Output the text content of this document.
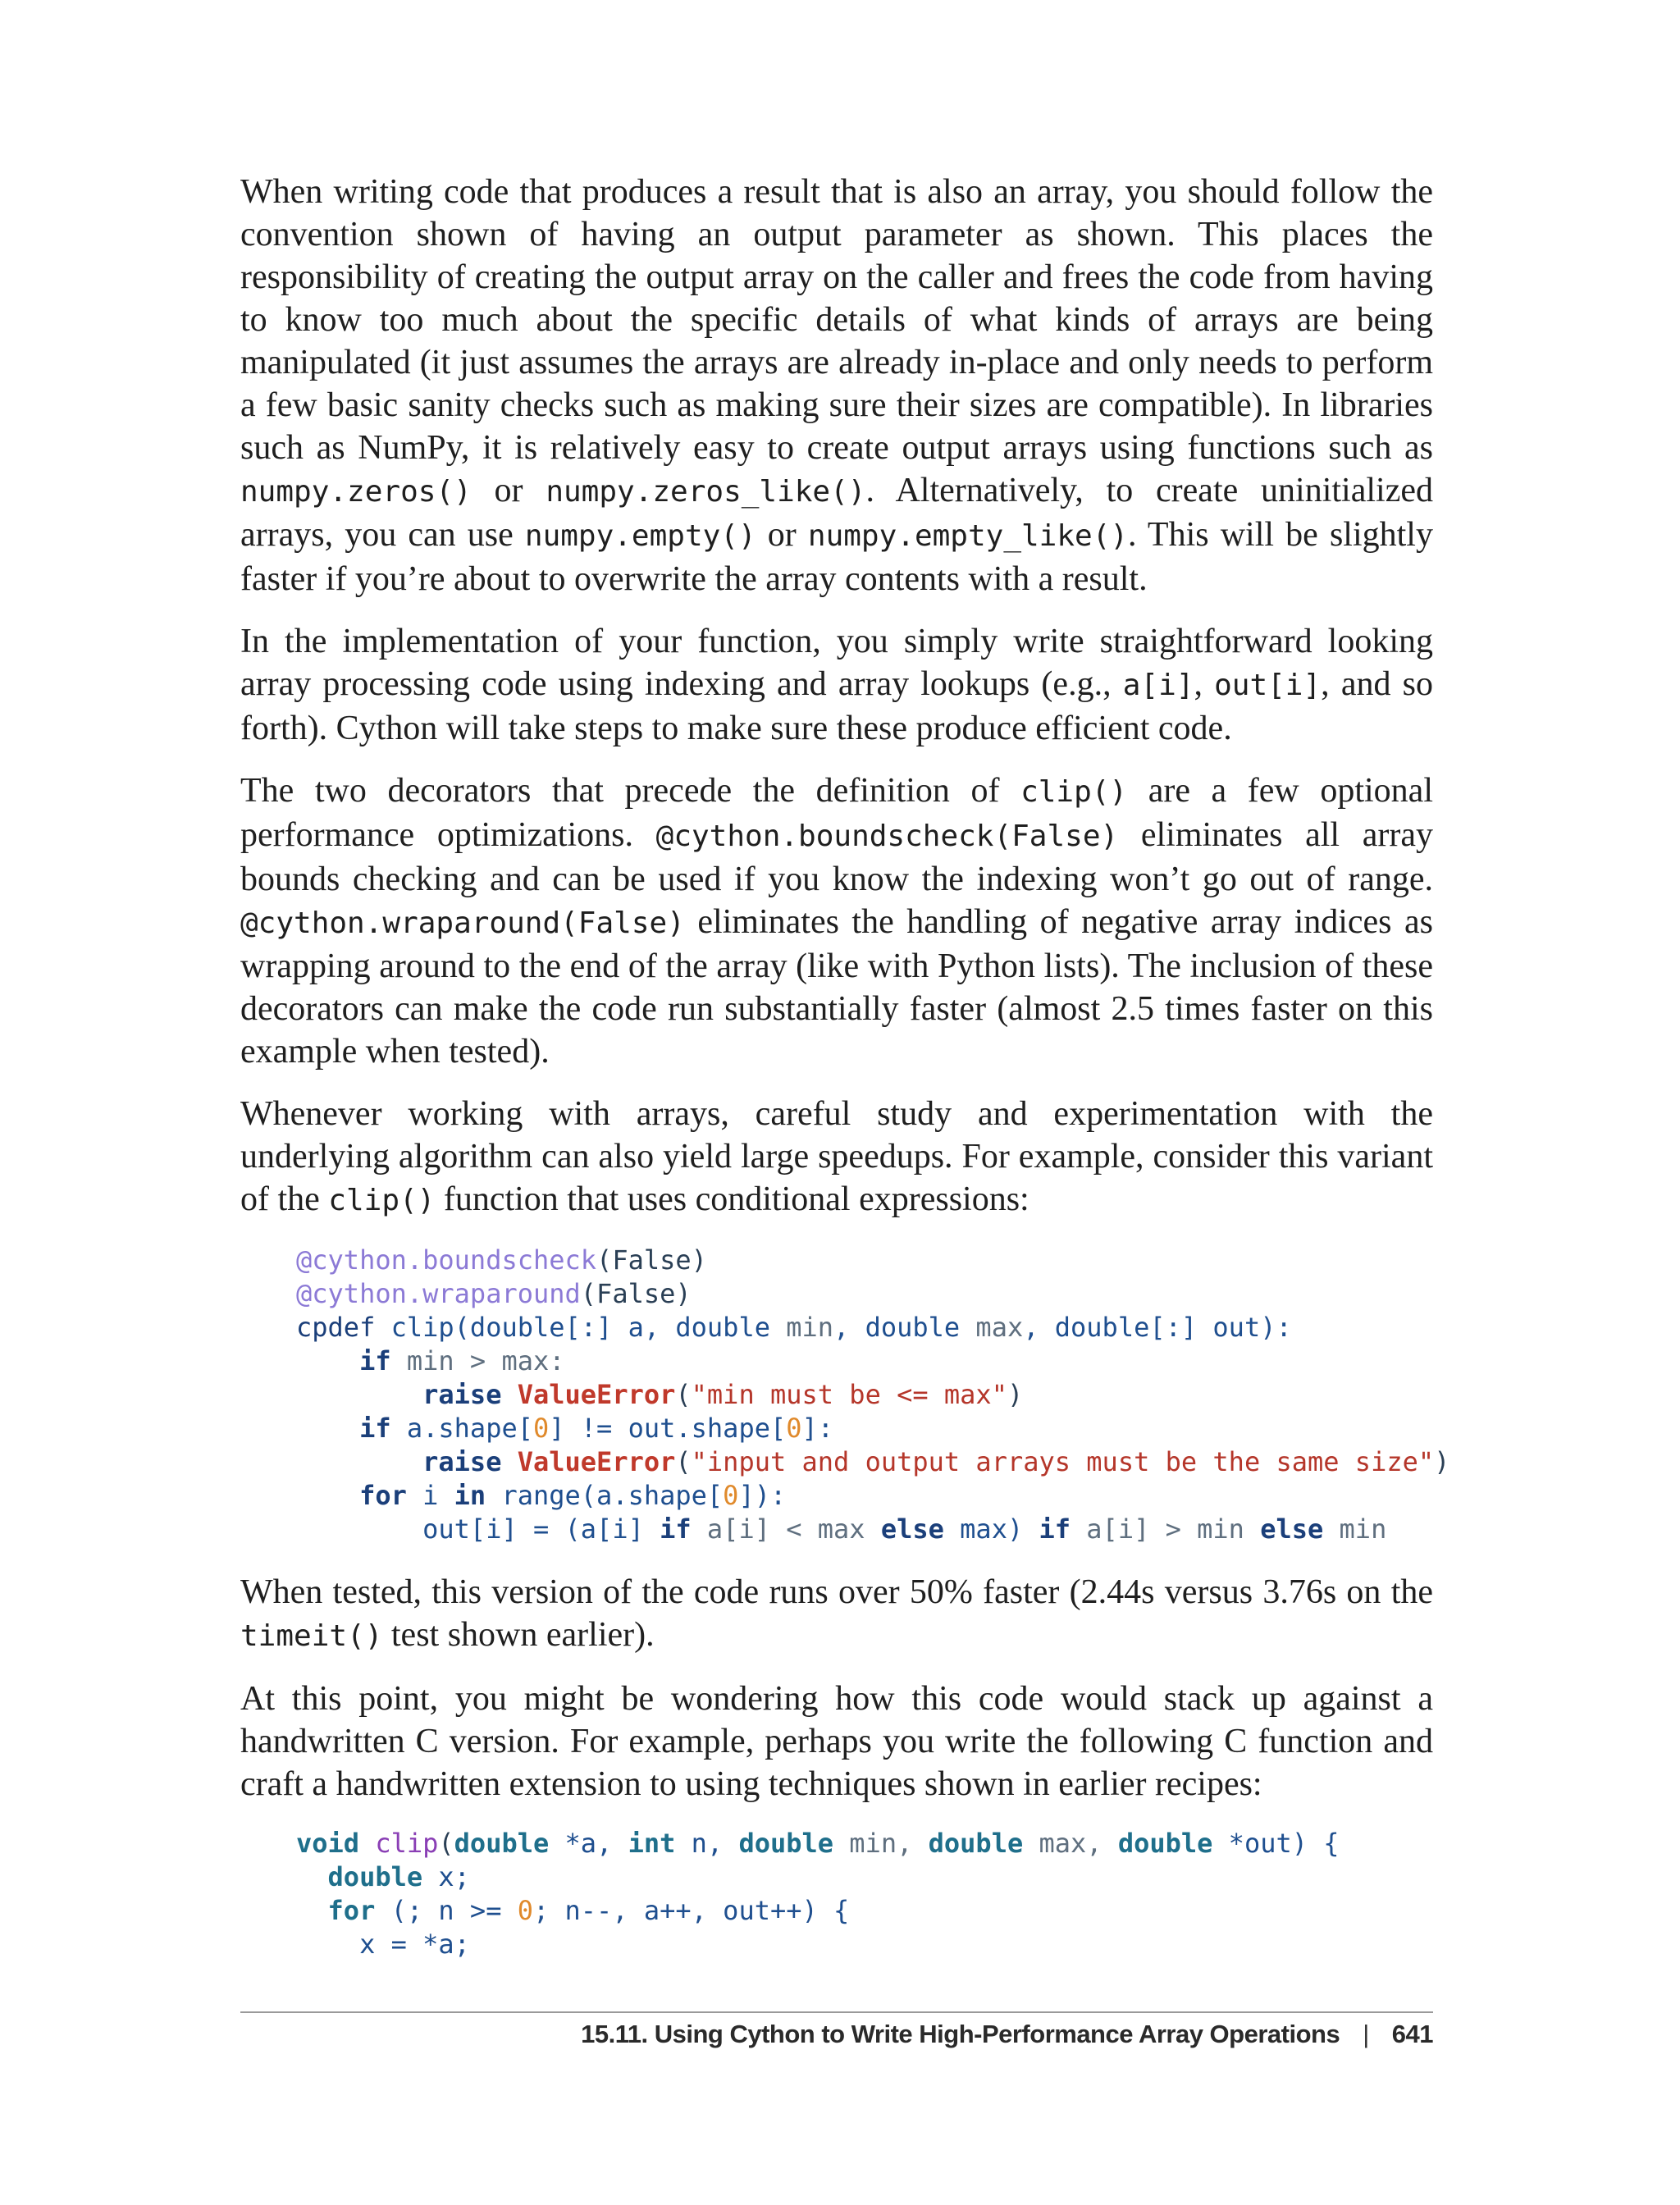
When writing code that produces a result that is also an array, you should follow the convention shown of having an output parameter as shown. This places the responsibility of creating the output array on the caller and frees the code from having to know too much about the specific details of what kinds of arrays are being manipulated (it just assumes the arrays are already in-place and only needs to perform a few basic sanity checks such as making sure their sizes are compatible). In libraries such as NumPy, it is relatively easy to create output arrays using functions such as numpy.zeros() or numpy.zeros_like(). Alternatively, to create uninitialized arrays, you can use numpy.empty() or numpy.empty_like(). This will be slightly faster if you’re about to overwrite the array contents with a result.

In the implementation of your function, you simply write straightforward looking array processing code using indexing and array lookups (e.g., a[i], out[i], and so forth). Cython will take steps to make sure these produce efficient code.

The two decorators that precede the definition of clip() are a few optional performance optimizations. @cython.boundscheck(False) eliminates all array bounds checking and can be used if you know the indexing won’t go out of range. @cython.wraparound(False) eliminates the handling of negative array indices as wrapping around to the end of the array (like with Python lists). The inclusion of these decorators can make the code run substantially faster (almost 2.5 times faster on this example when tested).

Whenever working with arrays, careful study and experimentation with the underlying algorithm can also yield large speedups. For example, consider this variant of the clip() function that uses conditional expressions:

@cython.boundscheck(False)
@cython.wraparound(False)
cpdef clip(double[:] a, double min, double max, double[:] out):
if min > max:
raise ValueError("min must be <= max")
if a.shape[0] != out.shape[0]:
raise ValueError("input and output arrays must be the same size")
for i in range(a.shape[0]):
out[i] = (a[i] if a[i] < max else max) if a[i] > min else min

When tested, this version of the code runs over 50% faster (2.44s versus 3.76s on the timeit() test shown earlier).

At this point, you might be wondering how this code would stack up against a handwritten C version. For example, perhaps you write the following C function and craft a handwritten extension to using techniques shown in earlier recipes:

void clip(double *a, int n, double min, double max, double *out) {
double x;
for (; n >= 0; n--, a++, out++) {
x = *a;
15.11. Using Cython to Write High-Performance Array Operations | 641
